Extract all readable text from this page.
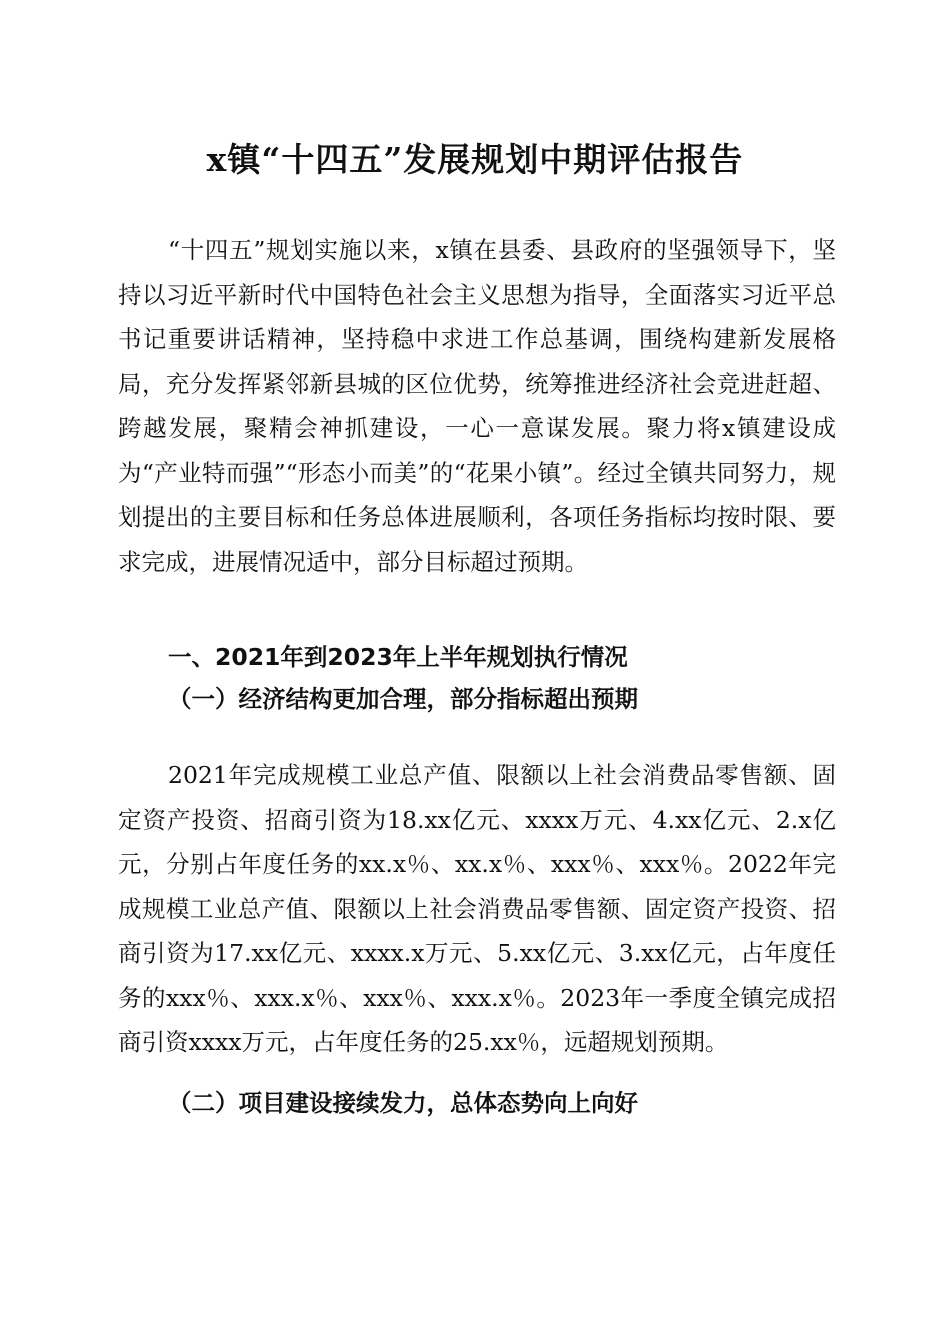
x镇“十四五”发展规划中期评估报告

“十四五”规划实施以来，x镇在县委、县政府的坚强领导下，坚持以习近平新时代中国特色社会主义思想为指导，全面落实习近平总书记重要讲话精神，坚持稳中求进工作总基调，围绕构建新发展格局，充分发挥紧邻新县城的区位优势，统筹推进经济社会竞进赶超、跨越发展，聚精会神抓建设，一心一意谋发展。聚力将x镇建设成为“产业特而强”“形态小而美”的“花果小镇”。经过全镇共同努力，规划提出的主要目标和任务总体进展顺利，各项任务指标均按时限、要求完成，进展情况适中，部分目标超过预期。

一、2021年到2023年上半年规划执行情况
（一）经济结构更加合理，部分指标超出预期

2021年完成规模工业总产值、限额以上社会消费品零售额、固定资产投资、招商引资为18.xx亿元、xxxx万元、4.xx亿元、2.x亿元，分别占年度任务的xx.x％、xx.x％、xxx％、xxx％。2022年完成规模工业总产值、限额以上社会消费品零售额、固定资产投资、招商引资为17.xx亿元、xxxx.x万元、5.xx亿元、3.xx亿元，占年度任务的xxx％、xxx.x％、xxx％、xxx.x％。2023年一季度全镇完成招商引资xxxx万元，占年度任务的25.xx％，远超规划预期。

（二）项目建设接续发力，总体态势向上向好
